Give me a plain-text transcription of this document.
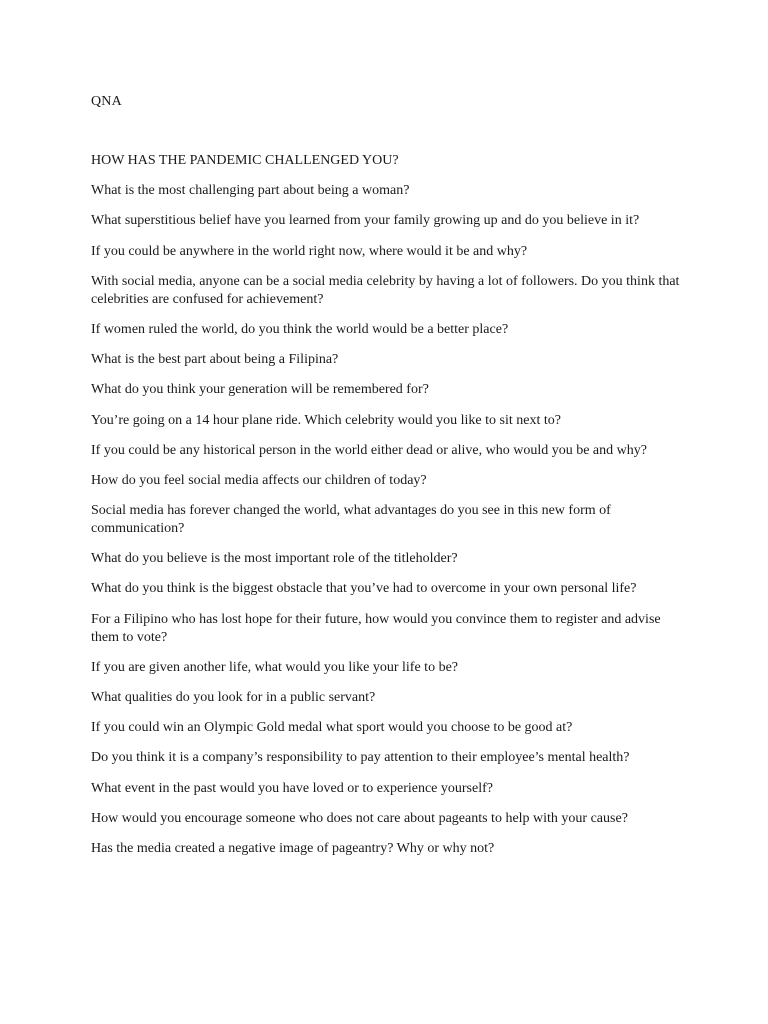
QNA
HOW HAS THE PANDEMIC CHALLENGED YOU?
What is the most challenging part about being a woman?
What superstitious belief have you learned from your family growing up and do you believe in it?
If you could be anywhere in the world right now, where would it be and why?
With social media, anyone can be a social media celebrity by having a lot of followers. Do you think that celebrities are confused for achievement?
If women ruled the world, do you think the world would be a better place?
What is the best part about being a Filipina?
What do you think your generation will be remembered for?
You’re going on a 14 hour plane ride. Which celebrity would you like to sit next to?
If you could be any historical person in the world either dead or alive, who would you be and why?
How do you feel social media affects our children of today?
Social media has forever changed the world, what advantages do you see in this new form of communication?
What do you believe is the most important role of the titleholder?
What do you think is the biggest obstacle that you’ve had to overcome in your own personal life?
For a Filipino who has lost hope for their future, how would you convince them to register and advise them to vote?
If you are given another life, what would you like your life to be?
What qualities do you look for in a public servant?
If you could win an Olympic Gold medal what sport would you choose to be good at?
Do you think it is a company’s responsibility to pay attention to their employee’s mental health?
What event in the past would you have loved or to experience yourself?
How would you encourage someone who does not care about pageants to help with your cause?
Has the media created a negative image of pageantry? Why or why not?
